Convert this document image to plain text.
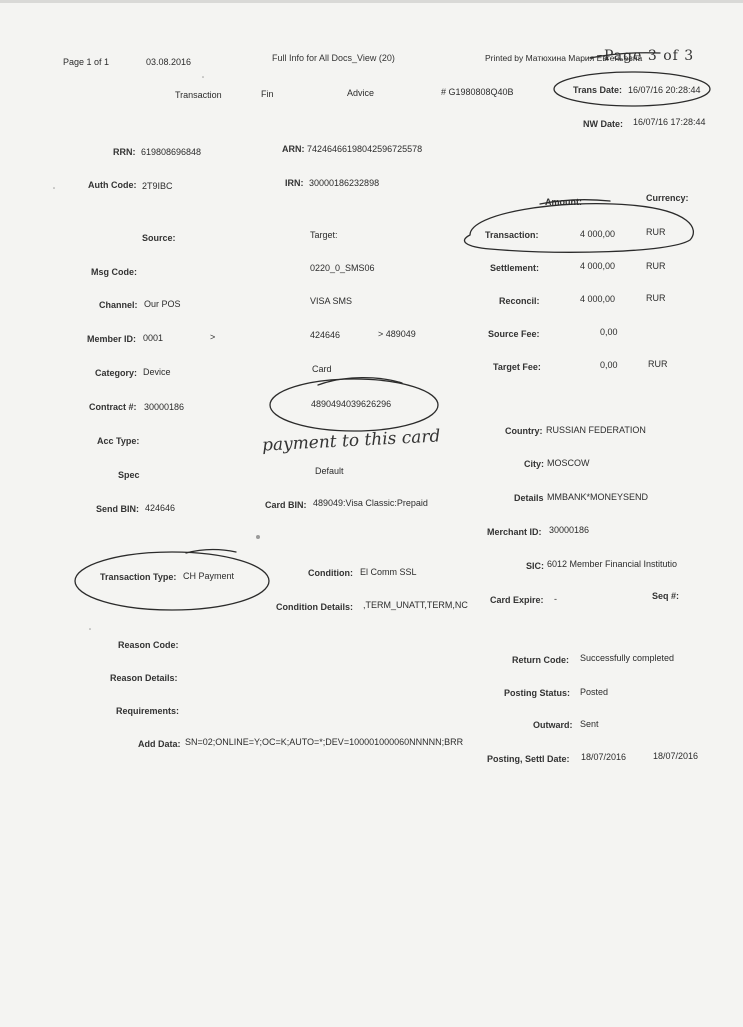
Page 1 of 1	03.08.2016	Full Info for All Docs_View (20)	Printed by Матюхина Мария Евгеньевна
Page 3 of 3
Transaction	Fin	Advice	# G1980808Q40B	Trans Date: 16/07/16 20:28:44
NW Date: 16/07/16 17:28:44
RRN: 619808696848	ARN: 74246466198042596725578
Auth Code: 2T9IBC	IRN: 30000186232898
Amount:	Currency:
Source:	Target:	Transaction:	4 000,00	RUR
Msg Code:	0220_0_SMS06	Settlement:	4 000,00	RUR
Channel: Our POS	VISA SMS	Reconcil:	4 000,00	RUR
Member ID: 0001	>	424646	> 489049	Source Fee:	0,00
Category: Device	Card	Target Fee:	0,00	RUR
Contract #: 30000186	4890494039626296
payment to this card
Acc Type:
Country: RUSSIAN FEDERATION
Spec	Default
City: MOSCOW
Details MMBANK*MONEYSEND
Send BIN: 424646	Card BIN: 489049:Visa Classic:Prepaid
Merchant ID: 30000186
SIC: 6012 Member Financial Institutio
Transaction Type: CH Payment	Condition: El Comm SSL
Card Expire: -	Seq #:
Condition Details: ,TERM_UNATT,TERM,NC
Reason Code:
Return Code: Successfully completed
Reason Details:
Posting Status: Posted
Requirements:
Outward: Sent
Add Data: SN=02;ONLINE=Y;OC=K;AUTO=*;DEV=100001000060NNNNN;BRR
Posting, Settl Date: 18/07/2016	18/07/2016
